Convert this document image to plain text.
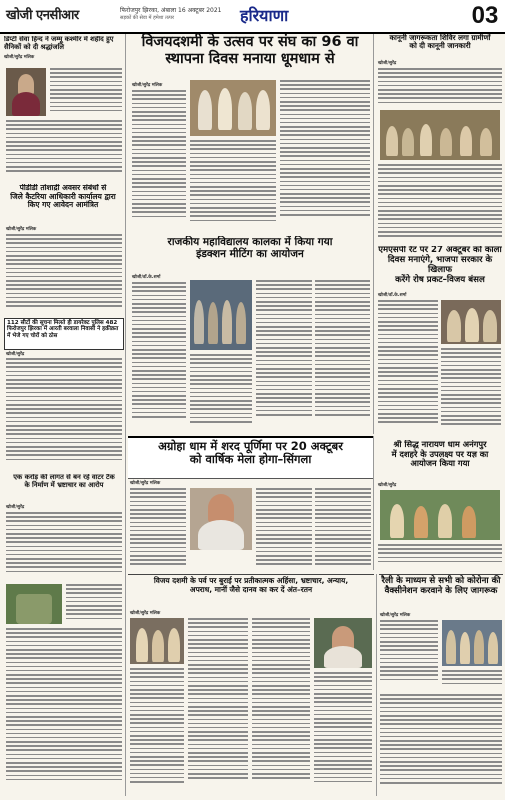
खोजी एनसीआर	फिरोजपुर झिरका, अंबाला 16 अक्टूबर 2021
सड़कों की सेवा में हमेशा तत्पर	हरियाणा	03
डिप्टी सेवा हिन्द ने जम्मू कश्मीर में शहीद हुए सैनिकों को दी श्रद्धांजलि
खोजी/सुरेंद्र मलिक
पीडीडी तोशाद्री अवसर संबंधों से
जिले कैटरिया आधिकारी कार्यालय द्वारा
किए गए आवेदन आमंत्रित
खोजी/सुरेंद्र मलिक
112 सीटों की सूचना मिलते ही डायरेक्ट पुलिस 482 फिरोजपुर झिरका में आरती बरवाला निवासी ने हक़ीक़त में भेजे गए चोरों को ठोस
खोजी/सुरेंद्र
विजयदशमी के उत्सव पर संघ का 96 वा
स्थापना दिवस मनाया धूमधाम से
खोजी/सुरेंद्र मलिक
कानूनी जागरूकता शिविर लगा ग्रामीणों
को दी कानूनी जानकारी
खोजी/सुरेंद्र
राजकीय महाविद्यालय कालका में किया गया
इंडक्शन मीटिंग का आयोजन
खोजी/डॉ.के.शर्मा
एमएसपी रेट पर 27 अक्टूबर को काला
दिवस मनाएंगे, भाजपा सरकार के खिलाफ
करेंगे रोष प्रकट–विजय बंसल
खोजी/डॉ.के.शर्मा
अग्रोहा धाम में शरद पूर्णिमा पर 20 अक्टूबर
को वार्षिक मेला होगा–सिंगला
खोजी/सुरेंद्र मलिक
श्री सिद्ध नारायण धाम अनंगपुर
में दशहरे के उपलक्ष्य पर यज्ञ का
आयोजन किया गया
खोजी/सुरेंद्र
एक करोड़ की लागत से बन रहे वाटर टैंक
के निर्माण में भ्रष्टाचार का आरोप
खोजी/सुरेंद्र
विजय दशमी के पर्व पर बुराई पर प्रतीकात्मक अहिंसा, भ्रष्टाचार, अन्याय,
अपराध, मानीं जैसे दानव का कर दें अंत–रतन
खोजी/सुरेंद्र मलिक
रैली के माध्यम से सभी को कोरोना की
वैक्सीनेशन करवाने के लिए जागरूक
खोजी/सुरेंद्र मलिक
